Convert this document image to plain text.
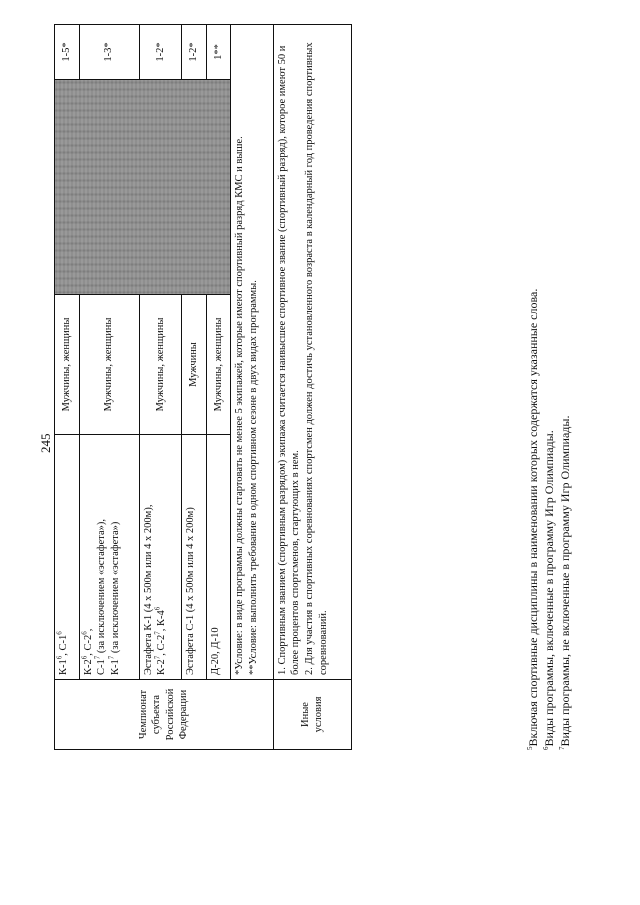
245
Чемпионат субъекта Российской Федерации	$К-1^6$, $С-1^6$	Мужчины, женщины		1-5*

	$К-2^6$, $С-2^6$,
$С-1^7$ (за исключением «эстафета»),
$К-1^7$ (за исключением «эстафета»)	Мужчины, женщины		1-3*

	Эстафета К-1 (4 х 500м или 4 х 200м), $К-2^7$, $С-2^7$, $К-4^6$	Мужчины, женщины		1-2*
	Эстафета С-1 (4 х 500м или 4 х 200м)	Мужчины		1-2*
	Д-20, Д-10	Мужчины, женщины		1**

	*Условие: в виде программы должны стартовать не менее 5 экипажей, которые имеют спортивный разряд КМС и выше. **Условие: выполнить требование в одном спортивном сезоне в двух видах программы.			

Иные условия	1. Спортивным званием (спортивным разрядом) экипажа считается наивысшее спортивное звание (спортивный разряд), которое имеют 50 и более процентов спортсменов, стартующих в нем. 2. Для участия в спортивных соревнованиях спортсмен должен достичь установленного возраста в календарный год проведения спортивных соревнований.			

$^5$Включая спортивные дисциплины в наименовании которых содержатся указанные слова.

$^6$Виды программы, включенные в программу Игр Олимпиады.

$^7$Виды программы, не включенные в программу Игр Олимпиады.
